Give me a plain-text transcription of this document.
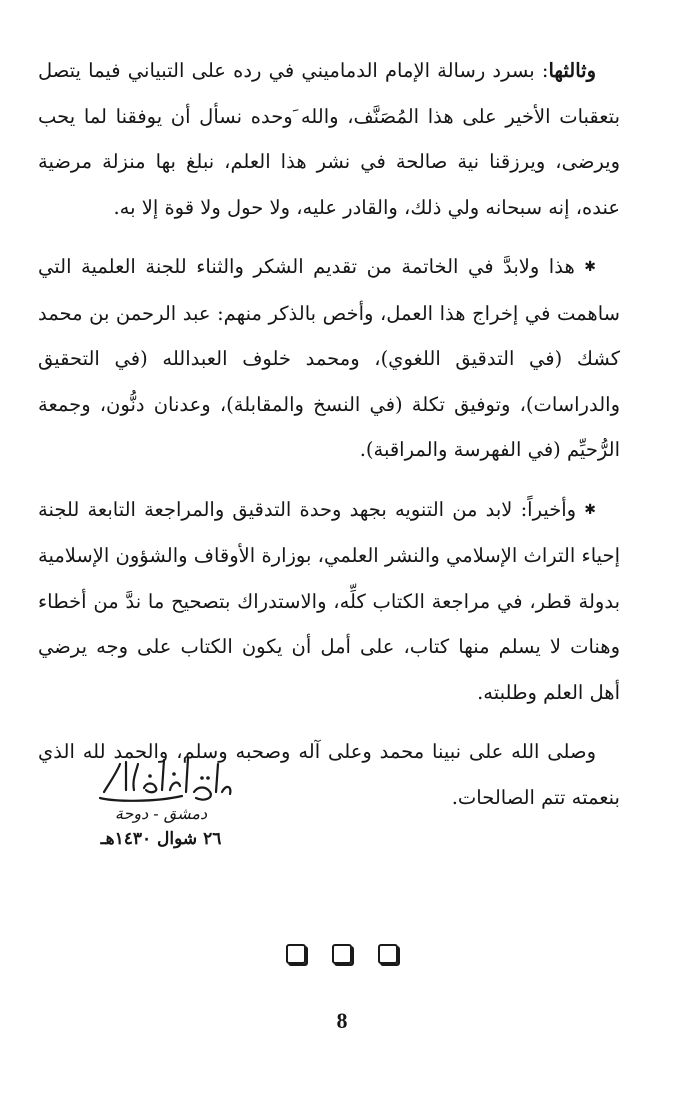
وثالثها: بسرد رسالة الإمام الدماميني في رده على التبياني فيما يتصل بتعقبات الأخير على هذا المُصَنَّف، والله َوحده نسأل أن يوفقنا لما يحب ويرضى، ويرزقنا نية صالحة في نشر هذا العلم، نبلغ بها منزلة مرضية عنده، إنه سبحانه ولي ذلك، والقادر عليه، ولا حول ولا قوة إلا به.

✱ هذا ولابدَّ في الخاتمة من تقديم الشكر والثناء للجنة العلمية التي ساهمت في إخراج هذا العمل، وأخص بالذكر منهم: عبد الرحمن بن محمد كشك (في التدقيق اللغوي)، ومحمد خلوف العبدالله (في التحقيق والدراسات)، وتوفيق تكلة (في النسخ والمقابلة)، وعدنان دنُّون، وجمعة الرُّحيِّم (في الفهرسة والمراقبة).

✱ وأخيراً: لابد من التنويه بجهد وحدة التدقيق والمراجعة التابعة للجنة إحياء التراث الإسلامي والنشر العلمي، بوزارة الأوقاف والشؤون الإسلامية بدولة قطر، في مراجعة الكتاب كلِّه، والاستدراك بتصحيح ما ندَّ من أخطاء وهنات لا يسلم منها كتاب، على أمل أن يكون الكتاب على وجه يرضي أهل العلم وطلبته.

وصلى الله على نبينا محمد وعلى آله وصحبه وسلم، والحمد لله الذي بنعمته تتم الصالحات.

دمشق - دوحة
٢٦ شوال ١٤٣٠هـ
8
